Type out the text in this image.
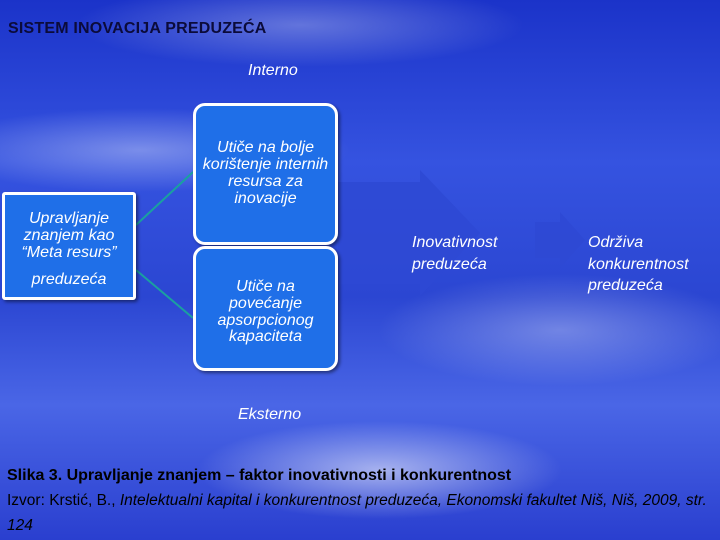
SISTEM INOVACIJA PREDUZEĆA
Interno
Eksterno
Upravljanje znanjem kao “Meta resurs”
preduzeća
Utiče na bolje korištenje internih resursa za inovacije
Utiče na povećanje apsorpcionog kapaciteta
Inovativnost preduzeća
Održiva konkurentnost preduzeća
Slika 3. Upravljanje znanjem – faktor inovativnosti i konkurentnost
Izvor: Krstić, B., Intelektualni kapital i konkurentnost preduzeća, Ekonomski fakultet Niš, Niš, 2009, str. 124
